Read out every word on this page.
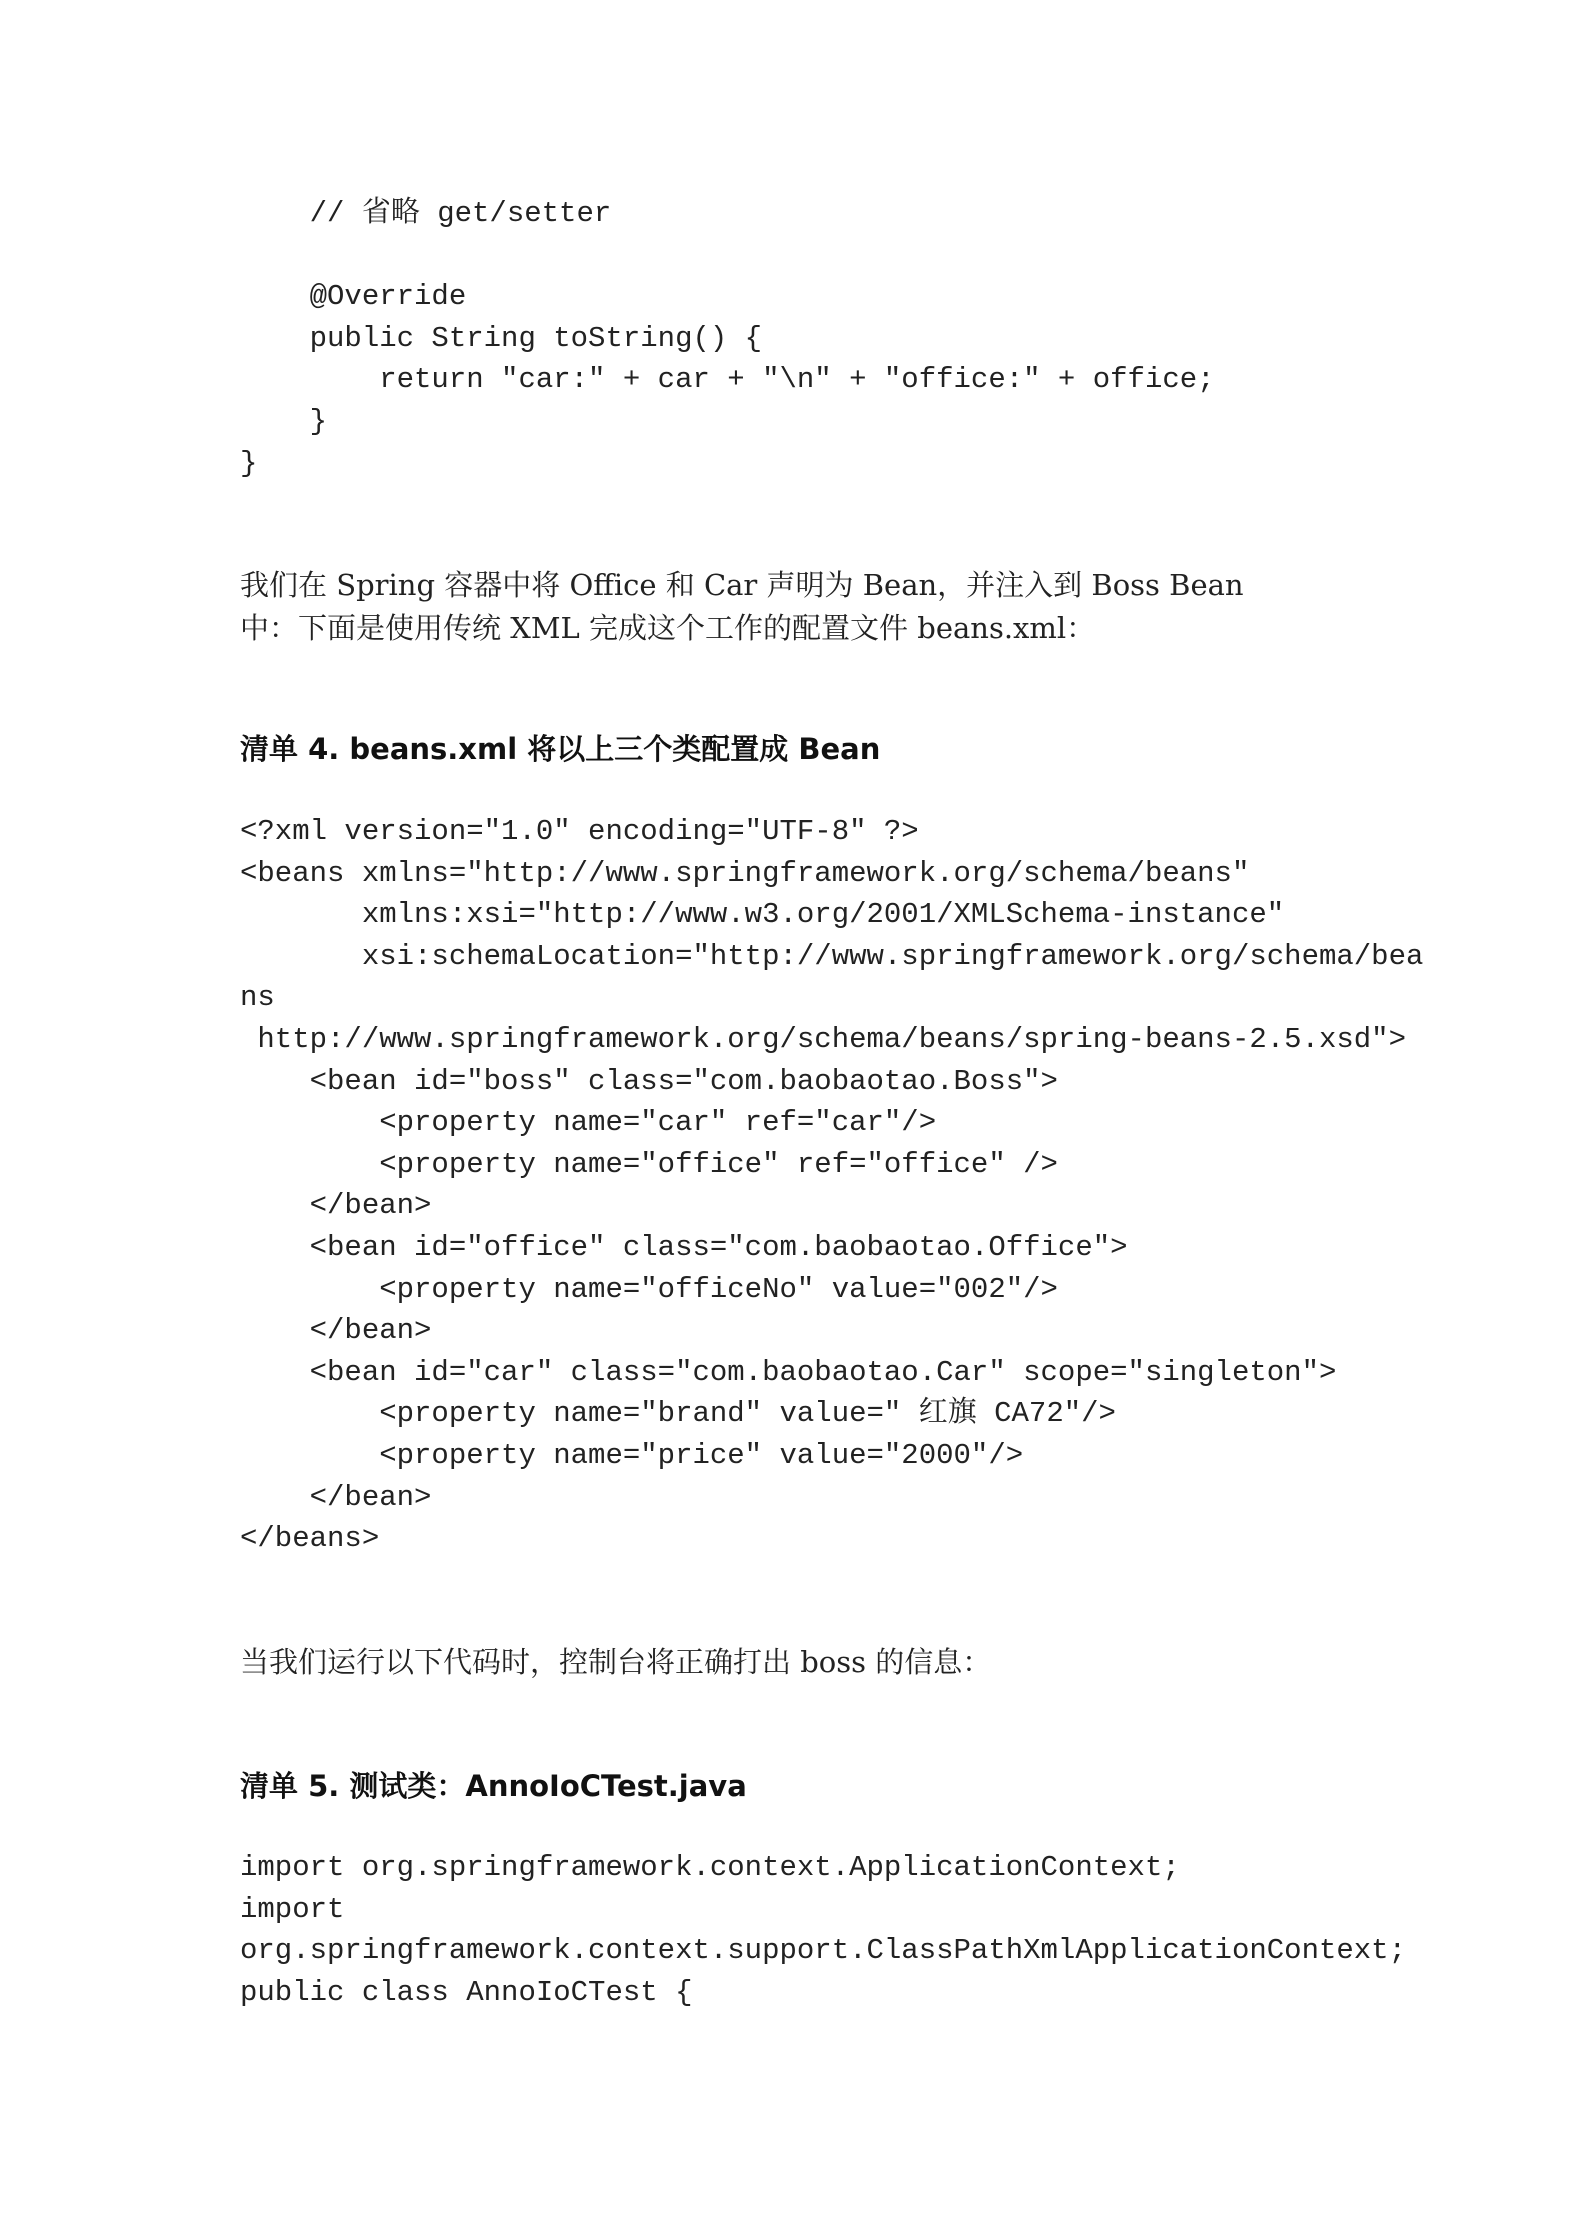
// 省略 get/setter
@Override
public String toString() {
return "car:" + car + "\n" + "office:" + office;
}
}
我们在 Spring 容器中将 Office 和 Car 声明为 Bean，并注入到 Boss Bean
中：下面是使用传统 XML 完成这个工作的配置文件 beans.xml：
清单 4. beans.xml 将以上三个类配置成 Bean
<?xml version="1.0" encoding="UTF-8" ?>
<beans xmlns="http://www.springframework.org/schema/beans"
xmlns:xsi="http://www.w3.org/2001/XMLSchema-instance"
xsi:schemaLocation="http://www.springframework.org/schema/bea
ns
http://www.springframework.org/schema/beans/spring-beans-2.5.xsd">
<bean id="boss" class="com.baobaotao.Boss">
<property name="car" ref="car"/>
<property name="office" ref="office" />
</bean>
<bean id="office" class="com.baobaotao.Office">
<property name="officeNo" value="002"/>
</bean>
<bean id="car" class="com.baobaotao.Car" scope="singleton">
<property name="brand" value=" 红旗 CA72"/>
<property name="price" value="2000"/>
</bean>
</beans>
当我们运行以下代码时，控制台将正确打出 boss 的信息：
清单 5. 测试类：AnnoIoCTest.java
import org.springframework.context.ApplicationContext;
import
org.springframework.context.support.ClassPathXmlApplicationContext;
public class AnnoIoCTest {
